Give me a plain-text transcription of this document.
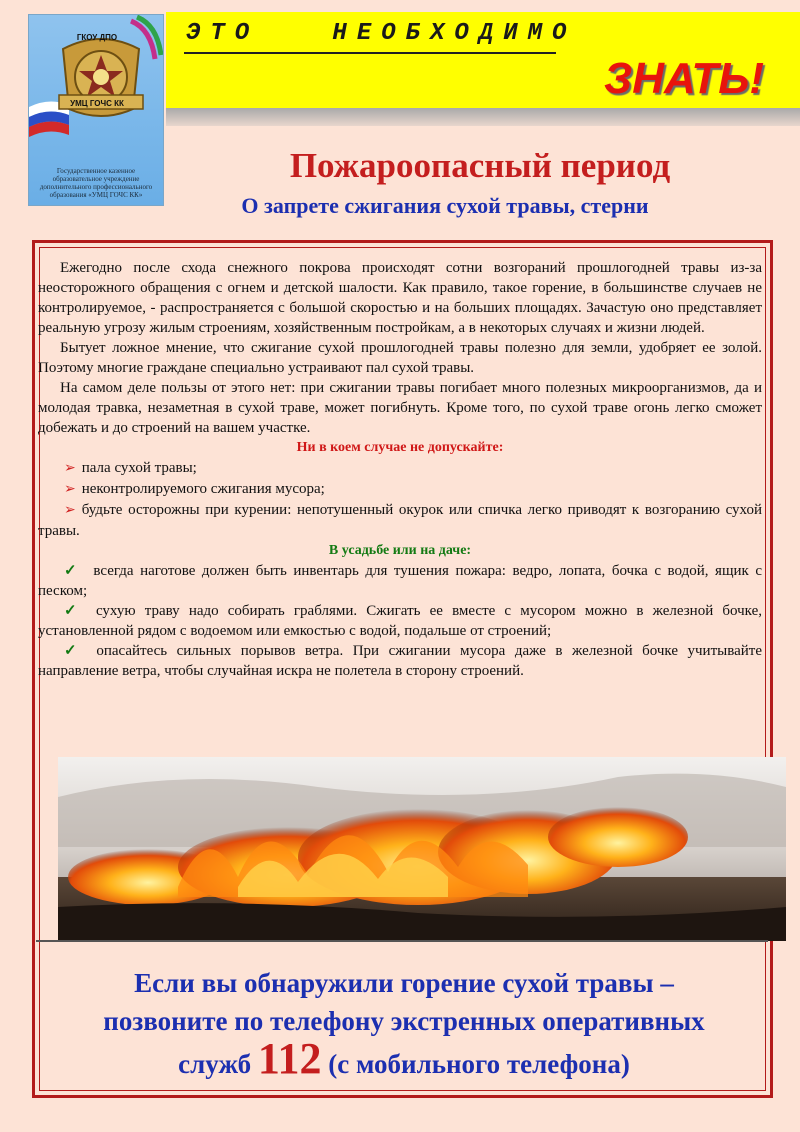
ГКОУ ДПО
УМЦ ГОЧС КК
Государственное казенное образовательное учреждение дополнительного профессионального образования «УМЦ ГОЧС КК»
ЭТО   НЕОБХОДИМО
ЗНАТЬ!
Пожароопасный период
О запрете сжигания сухой травы, стерни

Ежегодно после схода снежного покрова происходят сотни возгораний прошлогодней травы из-за неосторожного обращения с огнем и детской шалости. Как правило, такое горение, в большинстве случаев не контролируемое, - распространяется с большой скоростью и на больших площадях. Зачастую оно представляет реальную угрозу жилым строениям, хозяйственным постройкам, а в некоторых случаях и жизни людей.

Бытует ложное мнение, что сжигание сухой прошлогодней травы полезно для земли, удобряет ее золой. Поэтому многие граждане специально устраивают пал сухой травы.

На самом деле пользы от этого нет: при сжигании травы погибает много полезных микроорганизмов, да и молодая травка, незаметная в сухой траве, может погибнуть. Кроме того, по сухой траве огонь легко сможет добежать и до строений на вашем участке.

Ни в коем случае не допускайте:

➢ пала сухой травы;

➢ неконтролируемого сжигания мусора;

➢ будьте осторожны при курении: непотушенный окурок или спичка легко приводят к возгоранию сухой травы.

В усадьбе или на даче:

✓ всегда наготове должен быть инвентарь для тушения пожара: ведро, лопата, бочка с водой, ящик с песком;

✓ сухую траву надо собирать граблями. Сжигать ее вместе с мусором можно в железной бочке, установленной рядом с водоемом или емкостью с водой, подальше от строений;

✓ опасайтесь сильных порывов ветра. При сжигании мусора даже в железной бочке учитывайте направление ветра, чтобы случайная искра не полетела в сторону строений.

Если вы обнаружили горение сухой травы –
позвоните по телефону экстренных оперативных
служб 112 (с мобильного телефона)
